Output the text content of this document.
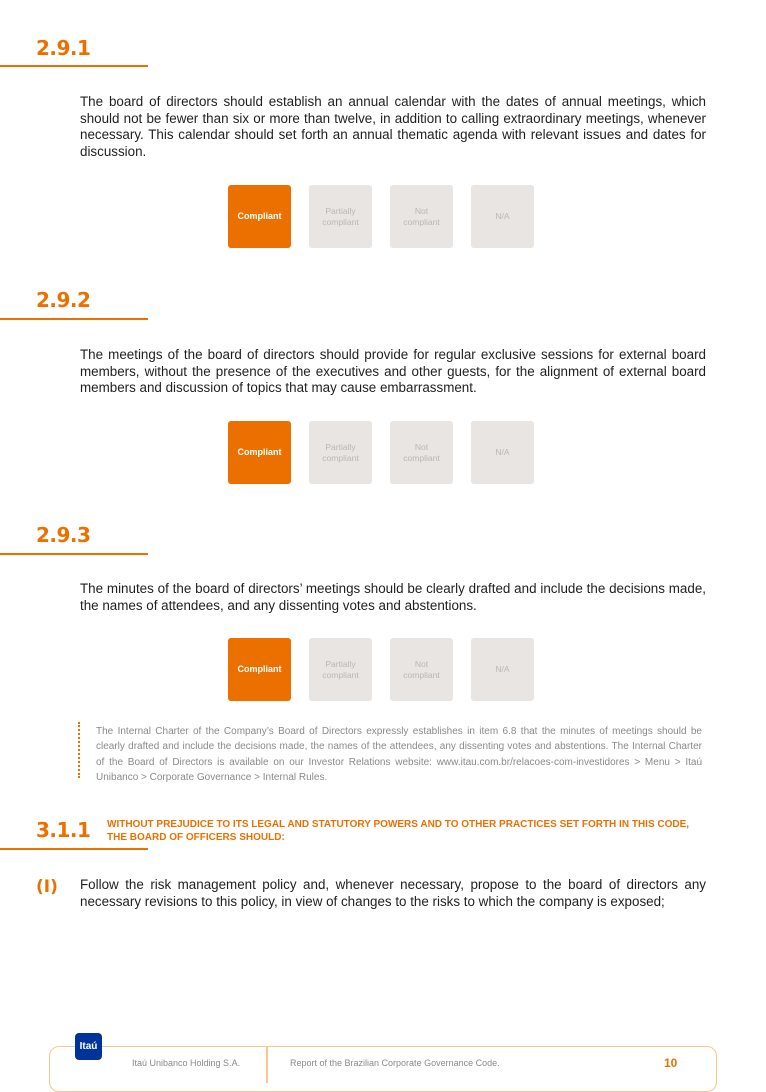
2.9.1
The board of directors should establish an annual calendar with the dates of annual meetings, which should not be fewer than six or more than twelve, in addition to calling extraordinary meetings, whenever necessary. This calendar should set forth an annual thematic agenda with relevant issues and dates for discussion.
Compliant
Partially
compliant
Not
compliant
N/A
2.9.2
The meetings of the board of directors should provide for regular exclusive sessions for external board members, without the presence of the executives and other guests, for the alignment of external board members and discussion of topics that may cause embarrassment.
Compliant
Partially
compliant
Not
compliant
N/A
2.9.3
The minutes of the board of directors’ meetings should be clearly drafted and include the decisions made, the names of attendees, and any dissenting votes and abstentions.
Compliant
Partially
compliant
Not
compliant
N/A
The Internal Charter of the Company’s Board of Directors expressly establishes in item 6.8 that the minutes of meetings should be clearly drafted and include the decisions made, the names of the attendees, any dissenting votes and abstentions. The Internal Charter of the Board of Directors is available on our Investor Relations website: www.itau.com.br/relacoes-com-investidores > Menu > Itaú Unibanco > Corporate Governance > Internal Rules.
3.1.1 WITHOUT PREJUDICE TO ITS LEGAL AND STATUTORY POWERS AND TO OTHER PRACTICES SET FORTH IN THIS CODE, THE BOARD OF OFFICERS SHOULD:
(I) Follow the risk management policy and, whenever necessary, propose to the board of directors any necessary revisions to this policy, in view of changes to the risks to which the company is exposed;
Itaú
Itaú Unibanco Holding S.A.	Report of the Brazilian Corporate Governance Code.	10
